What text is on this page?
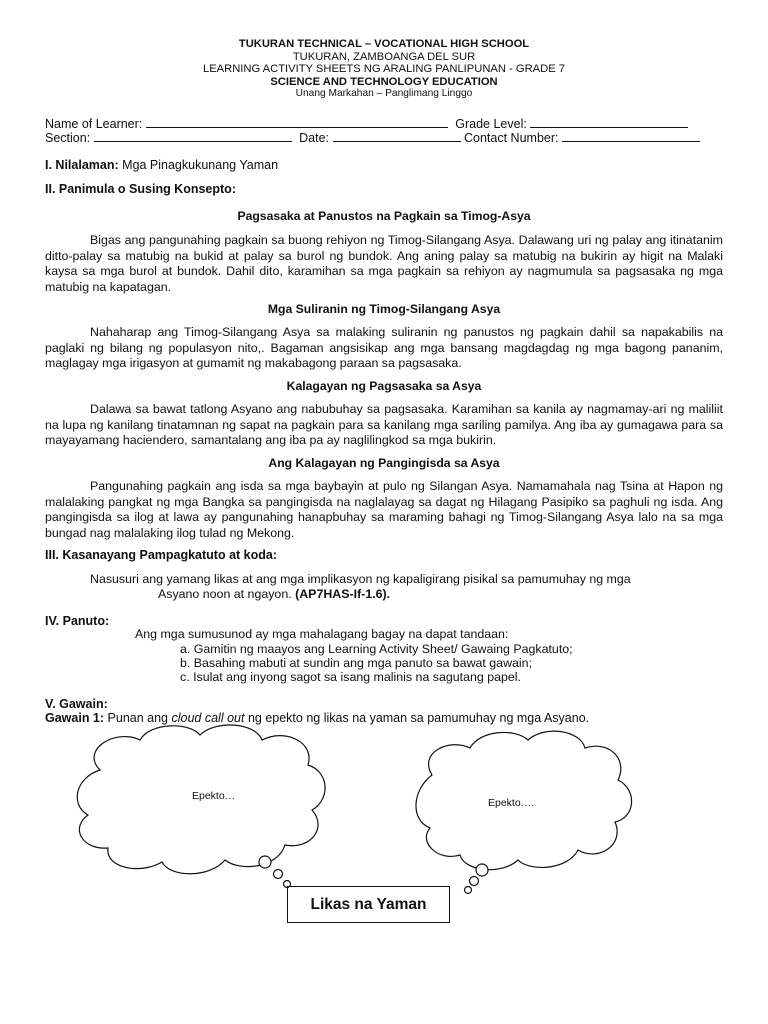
TUKURAN TECHNICAL – VOCATIONAL HIGH SCHOOL
TUKURAN, ZAMBOANGA DEL SUR
LEARNING ACTIVITY SHEETS NG ARALING PANLIPUNAN - GRADE 7
SCIENCE AND TECHNOLOGY EDUCATION
Unang Markahan – Panglimang Linggo
Name of Learner:	Grade Level:
Section:	Date:	Contact Number:
I. Nilalaman: Mga Pinagkukunang Yaman
II. Panimula o Susing Konsepto:
Pagsasaka at Panustos na Pagkain sa Timog-Asya
Bigas ang pangunahing pagkain sa buong rehiyon ng Timog-Silangang Asya. Dalawang uri ng palay ang itinatanim ditto-palay sa matubig na bukid at palay sa burol ng bundok. Ang aning palay sa matubig na bukirin ay higit na Malaki kaysa sa mga burol at bundok. Dahil dito, karamihan sa mga pagkain sa rehiyon ay nagmumula sa pagsasaka ng mga matubig na kapatagan.
Mga Suliranin ng Timog-Silangang Asya
Nahaharap ang Timog-Silangang Asya sa malaking suliranin ng panustos ng pagkain dahil sa napakabilis na paglaki ng bilang ng populasyon nito,. Bagaman angsisikap ang mga bansang magdagdag ng mga bagong pananim, maglagay mga irigasyon at gumamit ng makabagong paraan sa pagsasaka.
Kalagayan ng Pagsasaka sa Asya
Dalawa sa bawat tatlong Asyano ang nabubuhay sa pagsasaka. Karamihan sa kanila ay nagmamay-ari ng maliliit na lupa ng kanilang tinatamnan ng sapat na pagkain para sa kanilang mga sariling pamilya. Ang iba ay gumagawa para sa mayayamang haciendero, samantalang ang iba pa ay naglilingkod sa mga bukirin.
Ang Kalagayan ng Pangingisda sa Asya
Pangunahing pagkain ang isda sa mga baybayin at pulo ng Silangan Asya. Namamahala nag Tsina at Hapon ng malalaking pangkat ng mga Bangka sa pangingisda na naglalayag sa dagat ng Hilagang Pasipiko sa paghuli ng isda. Ang pangingisda sa ilog at lawa ay pangunahing hanapbuhay sa maraming bahagi ng Timog-Silangang Asya lalo na sa mga bungad nag malalaking ilog tulad ng Mekong.
III. Kasanayang Pampagkatuto at koda:
Nasusuri ang yamang likas at ang mga implikasyon ng kapaligirang pisikal sa pamumuhay ng mga
Asyano noon at ngayon. (AP7HAS-If-1.6).
IV. Panuto:
Ang mga sumusunod ay mga mahalagang bagay na dapat tandaan:
a. Gamitin ng maayos ang Learning Activity Sheet/ Gawaing Pagkatuto;
b. Basahing mabuti at sundin ang mga panuto sa bawat gawain;
c. Isulat ang inyong sagot sa isang malinis na sagutang papel.
V. Gawain:
Gawain 1: Punan ang cloud call out ng epekto ng likas na yaman sa pamumuhay ng mga Asyano.
Epekto…
Epekto….
Likas na Yaman
